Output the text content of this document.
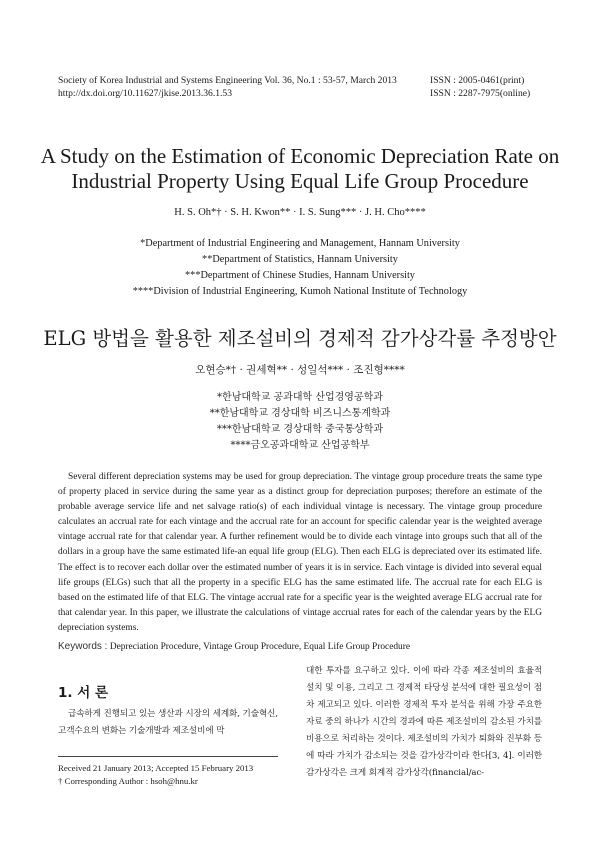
Society of Korea Industrial and Systems Engineering Vol. 36, No.1 : 53-57, March 2013
http://dx.doi.org/10.11627/jkise.2013.36.1.53
ISSN : 2005-0461(print)
ISSN : 2287-7975(online)
A Study on the Estimation of Economic Depreciation Rate on
Industrial Property Using Equal Life Group Procedure
H. S. Oh*† · S. H. Kwon** · I. S. Sung*** · J. H. Cho****
*Department of Industrial Engineering and Management, Hannam University
**Department of Statistics, Hannam University
***Department of Chinese Studies, Hannam University
****Division of Industrial Engineering, Kumoh National Institute of Technology
ELG 방법을 활용한 제조설비의 경제적 감가상각률 추정방안
오현승*† · 권세혁** · 성일석*** · 조진형****
*한남대학교 공과대학 산업경영공학과
**한남대학교 경상대학 비즈니스통계학과
***한남대학교 경상대학 중국통상학과
****금오공과대학교 산업공학부
Several different depreciation systems may be used for group depreciation. The vintage group procedure treats the same type of property placed in service during the same year as a distinct group for depreciation purposes; therefore an estimate of the probable average service life and net salvage ratio(s) of each individual vintage is necessary. The vintage group procedure calculates an accrual rate for each vintage and the accrual rate for an account for specific calendar year is the weighted average vintage accrual rate for that calendar year. A further refinement would be to divide each vintage into groups such that all of the dollars in a group have the same estimated life-an equal life group (ELG). Then each ELG is depreciated over its estimated life. The effect is to recover each dollar over the estimated number of years it is in service. Each vintage is divided into several equal life groups (ELGs) such that all the property in a specific ELG has the same estimated life. The accrual rate for each ELG is based on the estimated life of that ELG. The vintage accrual rate for a specific year is the weighted average ELG accrual rate for that calendar year. In this paper, we illustrate the calculations of vintage accrual rates for each of the calendar years by the ELG depreciation systems.
Keywords : Depreciation Procedure, Vintage Group Procedure, Equal Life Group Procedure
1. 서 론
급속하게 진행되고 있는 생산과 시장의 세계화, 기술혁신, 고객수요의 변화는 기술개발과 제조설비에 막
Received 21 January 2013; Accepted 15 February 2013
† Corresponding Author : hsoh@hnu.kr
대한 투자를 요구하고 있다. 이에 따라 각종 제조설비의 효율적 설치 및 이용, 그리고 그 경제적 타당성 분석에 대한 필요성이 점차 제고되고 있다. 이러한 경제적 투자 분석을 위해 가장 주요한 자료 중의 하나가 시간의 경과에 따른 제조설비의 감소된 가치를 비용으로 처리하는 것이다. 제조설비의 가치가 퇴화와 진부화 등에 따라 가치가 감소되는 것을 감가상각이라 한다[3, 4]. 이러한 감가상각은 크게 회계적 감가상각(financial/ac-
